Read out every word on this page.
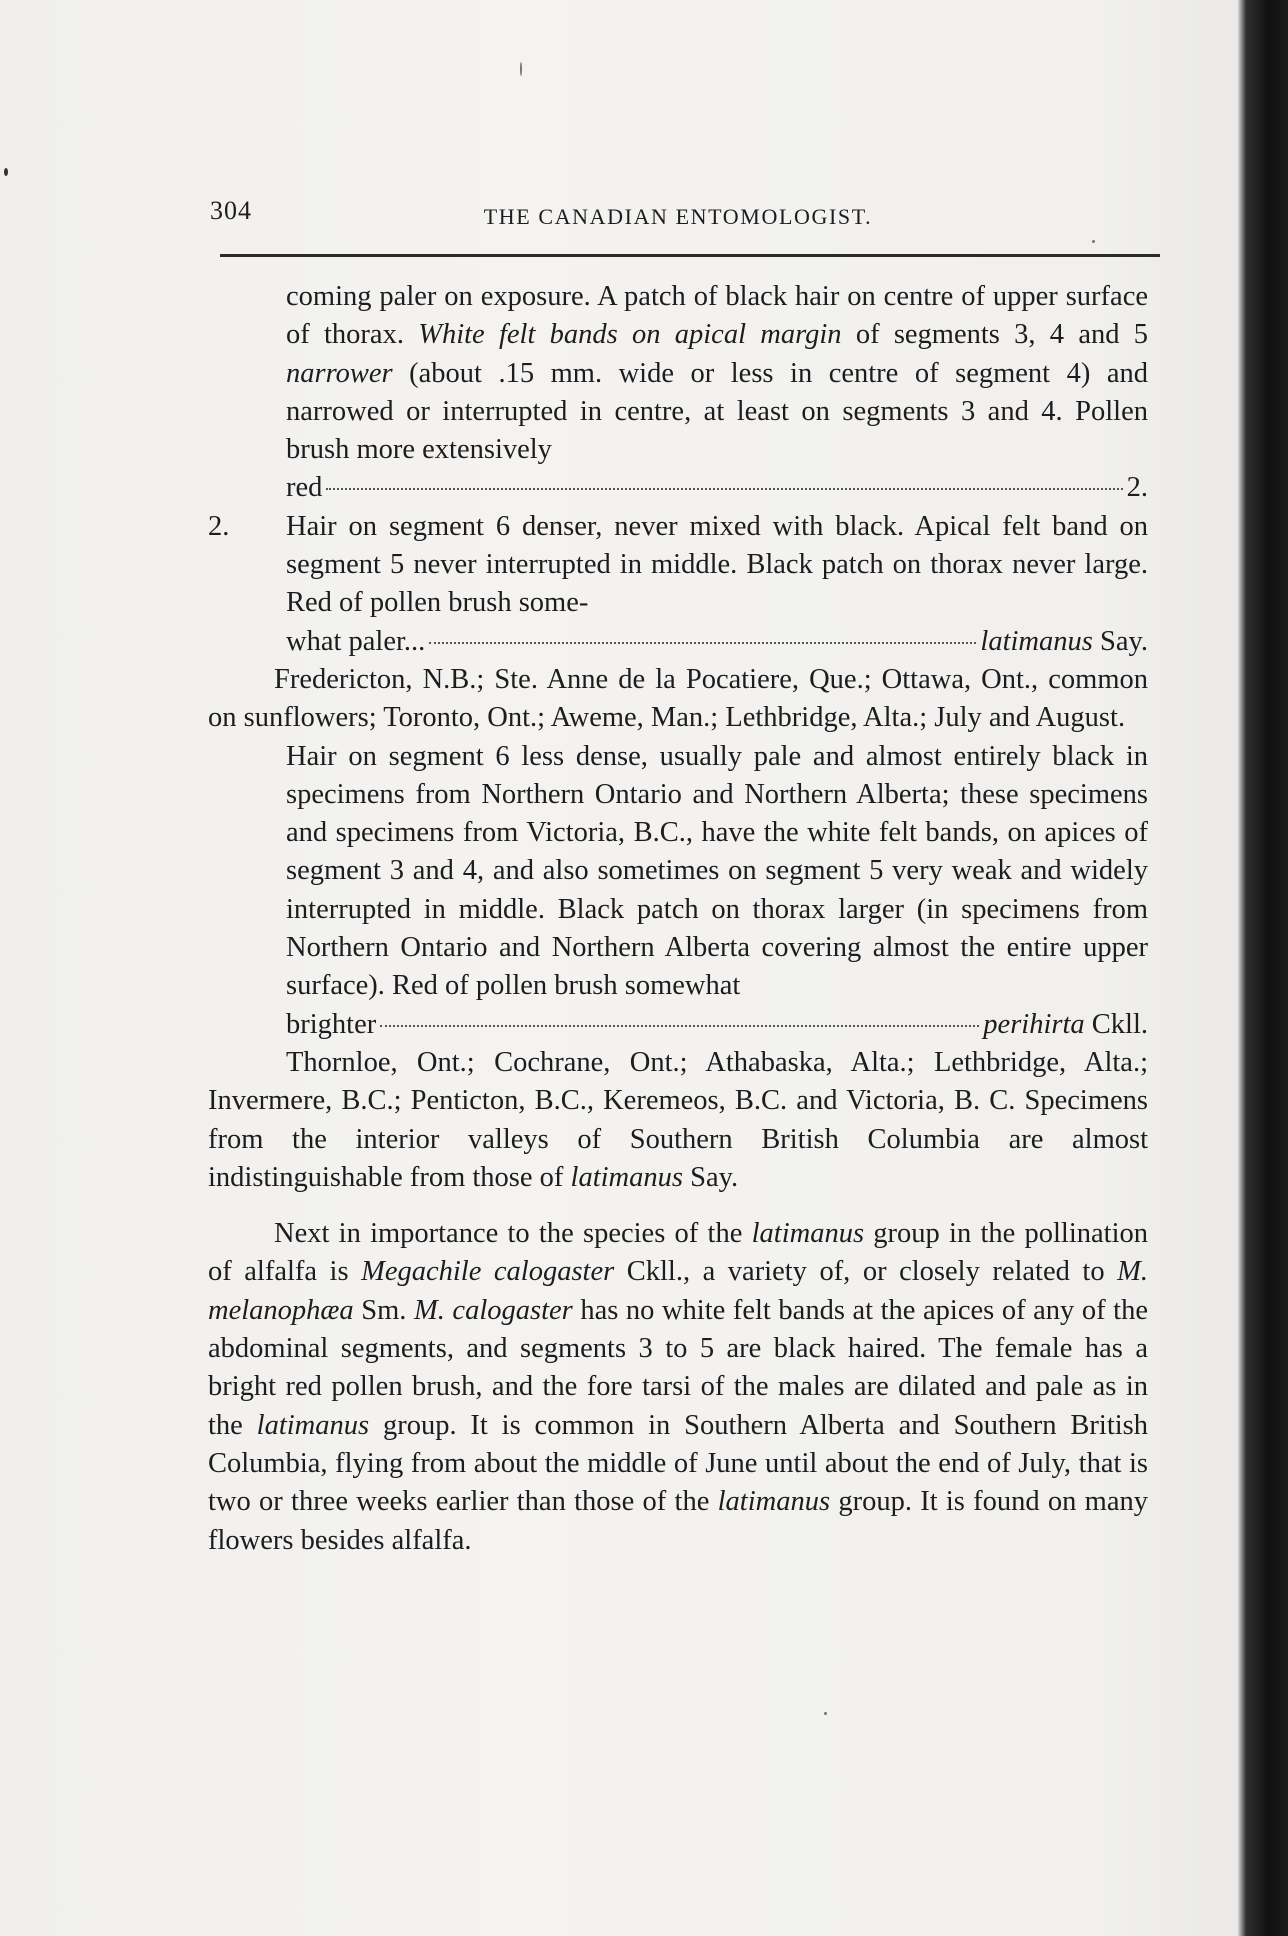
304	THE CANADIAN ENTOMOLOGIST.

coming paler on exposure. A patch of black hair on centre of upper surface of thorax. White felt bands on apical margin of segments 3, 4 and 5 narrower (about .15 mm. wide or less in centre of segment 4) and narrowed or interrupted in centre, at least on segments 3 and 4. Pollen brush more extensively

red	2.
2.	Hair on segment 6 denser, never mixed with black. Apical felt band on segment 5 never interrupted in middle. Black patch on thorax never large. Red of pollen brush some-

what paler...	latimanus Say.

Fredericton, N.B.; Ste. Anne de la Pocatiere, Que.; Ottawa, Ont., common on sunflowers; Toronto, Ont.; Aweme, Man.; Lethbridge, Alta.; July and August.

Hair on segment 6 less dense, usually pale and almost entirely black in specimens from Northern Ontario and Northern Alberta; these specimens and specimens from Victoria, B.C., have the white felt bands, on apices of segment 3 and 4, and also sometimes on segment 5 very weak and widely interrupted in middle. Black patch on thorax larger (in specimens from Northern Ontario and Northern Alberta covering almost the entire upper surface). Red of pollen brush somewhat

brighter	perihirta Ckll.

Thornloe, Ont.; Cochrane, Ont.; Athabaska, Alta.; Lethbridge, Alta.; Invermere, B.C.; Penticton, B.C., Keremeos, B.C. and Victoria, B. C. Specimens from the interior valleys of Southern British Columbia are almost indistinguishable from those of latimanus Say.

Next in importance to the species of the latimanus group in the pollination of alfalfa is Megachile calogaster Ckll., a variety of, or closely related to M. melanophæa Sm. M. calogaster has no white felt bands at the apices of any of the abdominal segments, and segments 3 to 5 are black haired. The female has a bright red pollen brush, and the fore tarsi of the males are dilated and pale as in the latimanus group. It is common in Southern Alberta and Southern British Columbia, flying from about the middle of June until about the end of July, that is two or three weeks earlier than those of the latimanus group. It is found on many flowers besides alfalfa.
